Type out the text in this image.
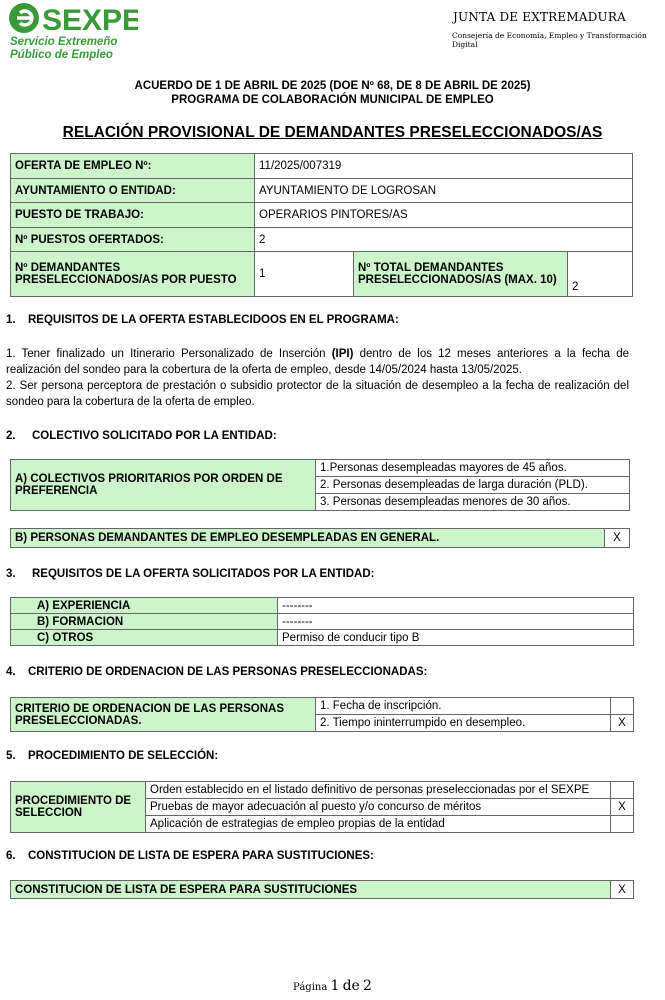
SEXPE
Servicio Extremeño
Público de Empleo
JUNTA DE EXTREMADURA
Consejería de Economía, Empleo y Transformación Digital
ACUERDO DE 1 DE ABRIL DE 2025 (DOE Nº 68, DE 8 DE ABRIL DE 2025)
PROGRAMA DE COLABORACIÓN MUNICIPAL DE EMPLEO
RELACIÓN PROVISIONAL DE DEMANDANTES PRESELECCIONADOS/AS
OFERTA DE EMPLEO Nº:	11/2025/007319		
AYUNTAMIENTO O ENTIDAD:	AYUNTAMIENTO DE LOGROSAN		
PUESTO DE TRABAJO:	OPERARIOS PINTORES/AS		
Nº PUESTOS OFERTADOS:	2		
Nº DEMANDANTES PRESELECCIONADOS/AS POR PUESTO	1	Nº TOTAL DEMANDANTES PRESELECCIONADOS/AS (MAX. 10)	2
1. REQUISITOS DE LA OFERTA ESTABLECIDOOS EN EL PROGRAMA:

1. Tener finalizado un Itinerario Personalizado de Inserción (IPI) dentro de los 12 meses anteriores a la fecha de realización del sondeo para la cobertura de la oferta de empleo, desde 14/05/2024 hasta 13/05/2025.

2. Ser persona perceptora de prestación o subsidio protector de la situación de desempleo a la fecha de realización del sondeo para la cobertura de la oferta de empleo.

2. COLECTIVO SOLICITADO POR LA ENTIDAD:
A) COLECTIVOS PRIORITARIOS POR ORDEN DE PREFERENCIA	1.Personas desempleadas mayores de 45 años.
2. Personas desempleadas de larga duración (PLD).
3. Personas desempleadas menores de 30 años.
B) PERSONAS DEMANDANTES DE EMPLEO DESEMPLEADAS EN GENERAL.	X
3. REQUISITOS DE LA OFERTA SOLICITADOS POR LA ENTIDAD:
A) EXPERIENCIA	--------
B) FORMACION	--------
C) OTROS	Permiso de conducir tipo B
4. CRITERIO DE ORDENACION DE LAS PERSONAS PRESELECCIONADAS:
CRITERIO DE ORDENACION DE LAS PERSONAS PRESELECCIONADAS.	1. Fecha de inscripción.	
	2. Tiempo ininterrumpido en desempleo.	X
5. PROCEDIMIENTO DE SELECCIÓN:
PROCEDIMIENTO DE SELECCION	Orden establecido en el listado definitivo de personas preseleccionadas por el SEXPE	
	Pruebas de mayor adecuación al puesto y/o concurso de méritos	X
	Aplicación de estrategias de empleo propias de la entidad	
6. CONSTITUCION DE LISTA DE ESPERA PARA SUSTITUCIONES:
CONSTITUCION DE LISTA DE ESPERA PARA SUSTITUCIONES	X
Página 1 de 2
